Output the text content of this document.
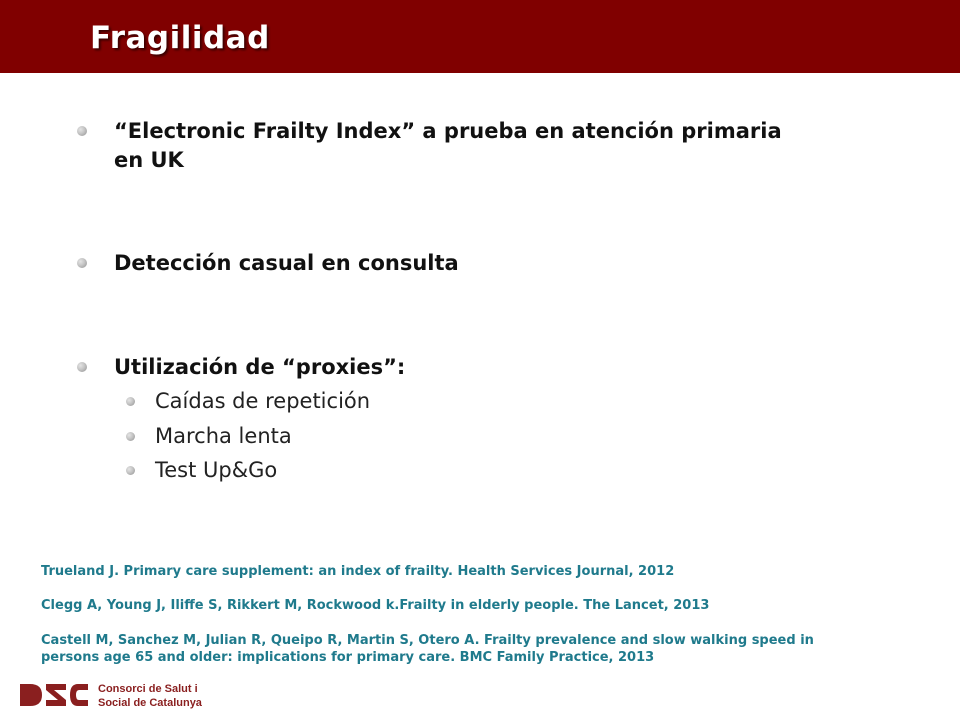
Fragilidad
“Electronic Frailty Index” a prueba en atención primaria
en UK
Detección casual en consulta
Utilización de “proxies”:
Caídas de repetición
Marcha lenta
Test Up&Go
Trueland J. Primary care supplement: an index of frailty. Health Services Journal, 2012
Clegg A, Young J, Iliffe S, Rikkert M, Rockwood k.Frailty in elderly people. The Lancet, 2013
Castell M, Sanchez M, Julian R, Queipo R, Martin S, Otero A. Frailty prevalence and slow walking speed in
persons age 65 and older: implications for primary care. BMC Family Practice, 2013
Consorci de Salut i
Social de Catalunya
